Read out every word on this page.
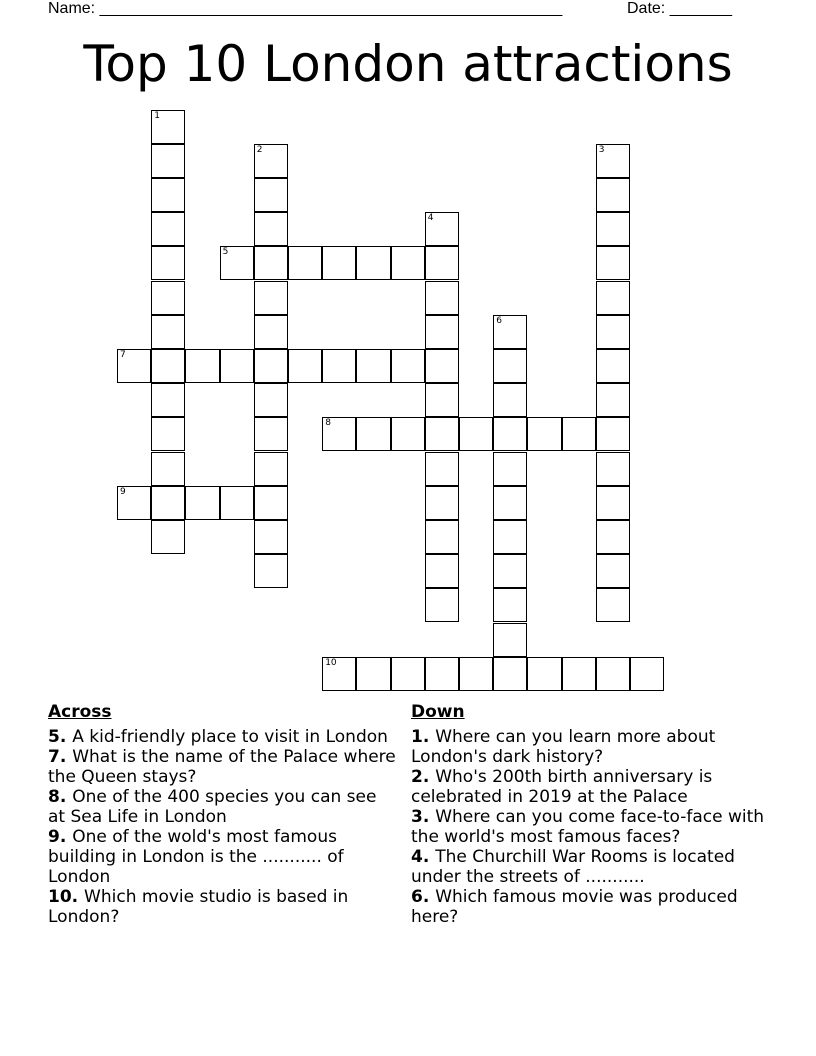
Name: ____________________________________________________	Date: _______
Top 10 London attractions
1
2	3
4
5
6
7
8
9
10
Across
5. A kid-friendly place to visit in London
7. What is the name of the Palace where the Queen stays?
8. One of the 400 species you can see at Sea Life in London
9. One of the wold's most famous building in London is the ........... of London
10. Which movie studio is based in London?
Down
1. Where can you learn more about London's dark history?
2. Who's 200th birth anniversary is celebrated in 2019 at the Palace
3. Where can you come face-to-face with the world's most famous faces?
4. The Churchill War Rooms is located under the streets of ...........
6. Which famous movie was produced here?
